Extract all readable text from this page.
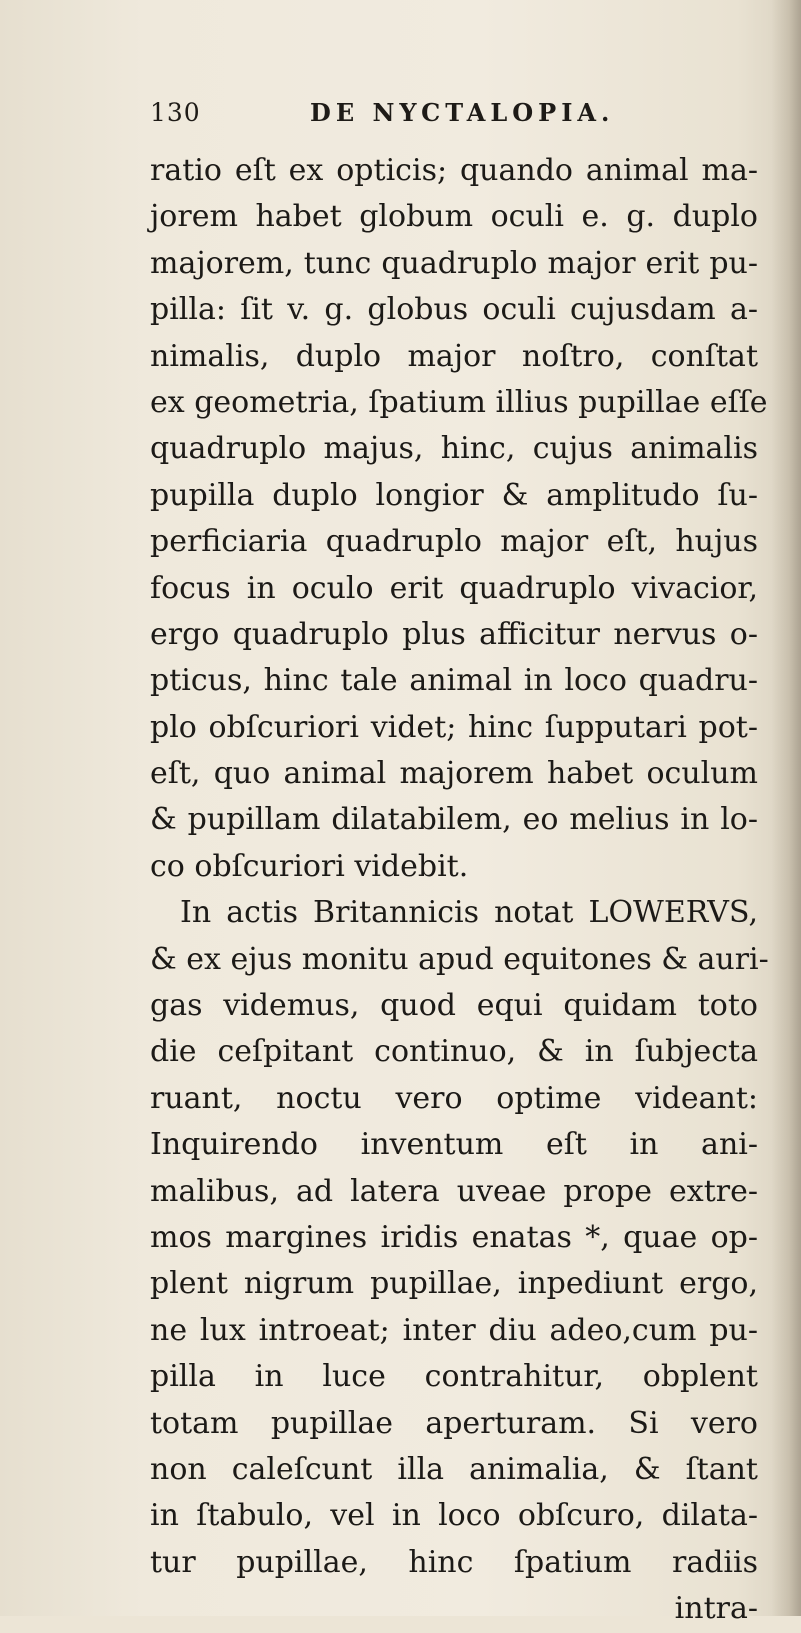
130	DE NYCTALOPIA.
ratio eſt ex opticis; quando animal ma-
jorem habet globum oculi e. g. duplo
majorem, tunc quadruplo major erit pu-
pilla: ſit v. g. globus oculi cujusdam a-
nimalis, duplo major noſtro, conſtat
ex geometria, ſpatium illius pupillae eſſe
quadruplo majus, hinc, cujus animalis
pupilla duplo longior & amplitudo ſu-
perficiaria quadruplo major eſt, hujus
focus in oculo erit quadruplo vivacior,
ergo quadruplo plus afficitur nervus o-
pticus, hinc tale animal in loco quadru-
plo obſcuriori videt; hinc ſupputari pot-
eſt, quo animal majorem habet oculum
& pupillam dilatabilem, eo melius in lo-
co obſcuriori videbit.
In actis Britannicis notat LOWERVS,
& ex ejus monitu apud equitones & auri-
gas videmus, quod equi quidam toto
die ceſpitant continuo, & in ſubjecta
ruant, noctu vero optime videant:
Inquirendo inventum eſt in ani-
malibus, ad latera uveae prope extre-
mos margines iridis enatas *, quae op-
plent nigrum pupillae, inpediunt ergo,
ne lux introeat; inter diu adeo,cum pu-
pilla in luce contrahitur, obplent
totam pupillae aperturam. Si vero
non caleſcunt illa animalia, & ſtant
in ſtabulo, vel in loco obſcuro, dilata-
tur pupillae, hinc ſpatium radiis
intra-
